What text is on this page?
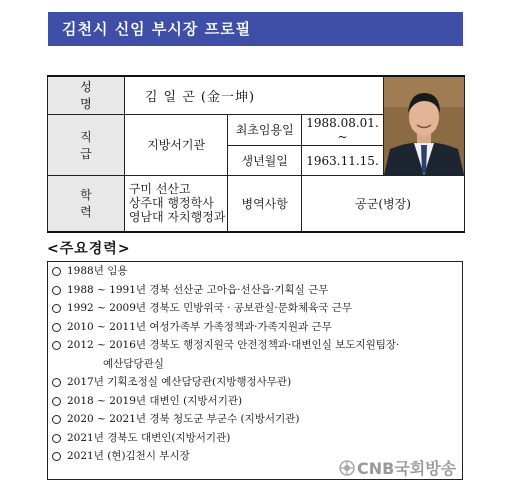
김천시 신임 부시장 프로필
성 명	김 일 곤 (金一坤)	

직 급	지방서기관	최초임용일	1988.08.01.
~	

		생년월일	1963.11.15.	
학 력	구미 선산고
상주대 행정학사
영남대 자치행정과	병역사항	공군(병장)	
<주요경력>
1988년 임용
1988 ~ 1991년 경북 선산군 고아읍·선산읍·기획실 근무
1992 ~ 2009년 경북도 민방위국 · 공보관실·문화체육국 근무
2010 ~ 2011년 여성가족부 가족정책과·가족지원과 근무
2012 ~ 2016년 경북도 행정지원국 안전정책과·대변인실 보도지원팀장·
예산담당관실
2017년 기획조정실 예산담당관(지방행정사무관)
2018 ~ 2019년 대변인 (지방서기관)
2020 ~ 2021년 경북 청도군 부군수 (지방서기관)
2021년 경북도 대변인(지방서기관)
2021년 (현)김천시 부시장
CNB국회방송
